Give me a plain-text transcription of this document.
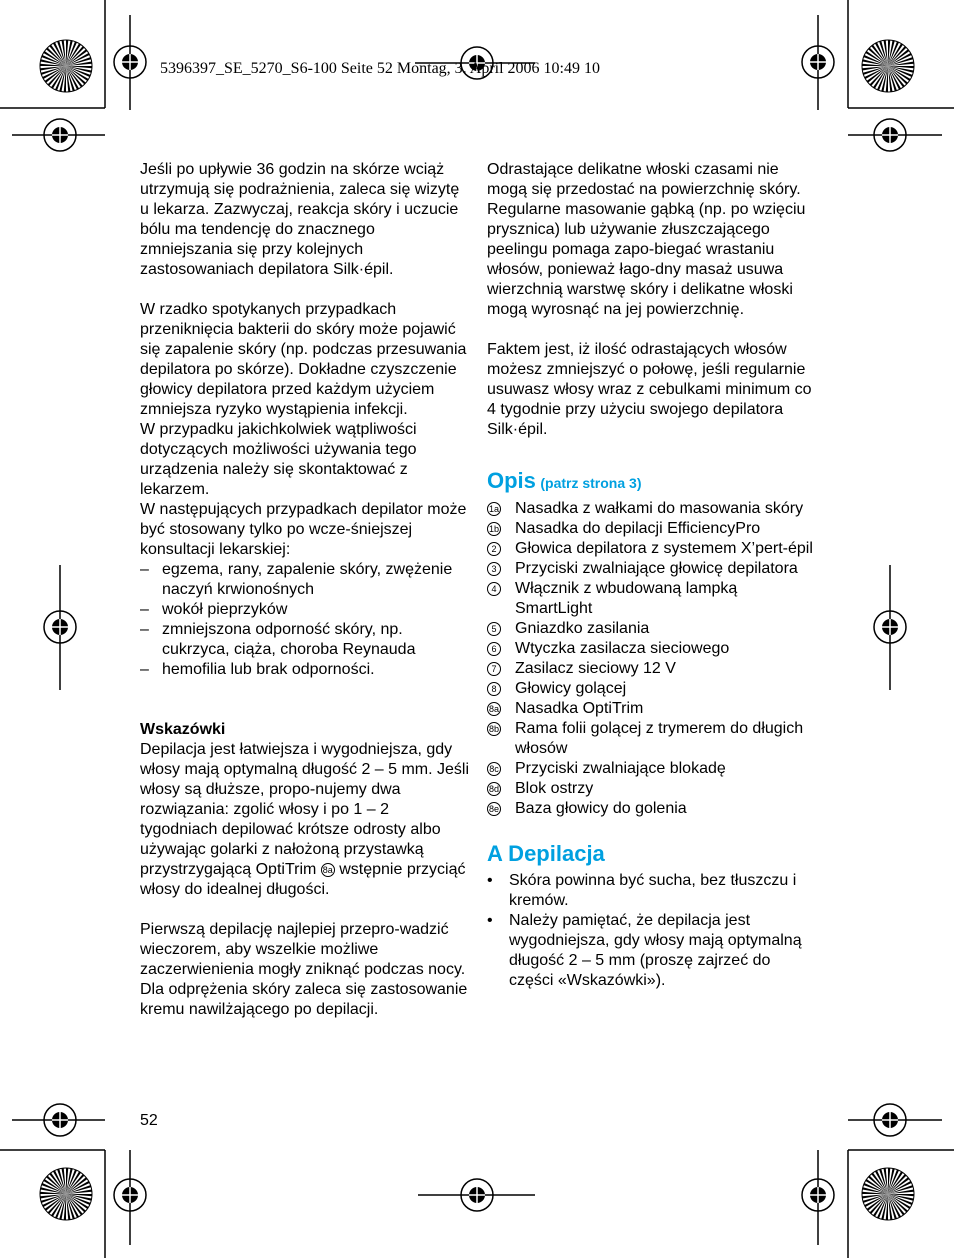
5396397_SE_5270_S6-100 Seite 52 Montag, 3. April 2006 10:49 10

Jeśli po upływie 36 godzin na skórze wciąż utrzymują się podrażnienia, zaleca się wizytę u lekarza. Zazwyczaj, reakcja skóry i uczucie bólu ma tendencję do znacznego zmniejszania się przy kolejnych zastosowaniach depilatora Silk·épil.

W rzadko spotykanych przypadkach przeniknięcia bakterii do skóry może pojawić się zapalenie skóry (np. podczas przesuwania depilatora po skórze). Dokładne czyszczenie głowicy depilatora przed każdym użyciem zmniejsza ryzyko wystąpienia infekcji.

W przypadku jakichkolwiek wątpliwości dotyczących możliwości używania tego urządzenia należy się skontaktować z lekarzem.

W następujących przypadkach depilator może być stosowany tylko po wcze-śniejszej konsultacji lekarskiej:

– egzema, rany, zapalenie skóry, zwężenie naczyń krwionośnych
– wokół pieprzyków
– zmniejszona odporność skóry, np. cukrzyca, ciąża, choroba Reynauda
– hemofilia lub brak odporności.

Wskazówki

Depilacja jest łatwiejsza i wygodniejsza, gdy włosy mają optymalną długość 2 – 5 mm. Jeśli włosy są dłuższe, propo-nujemy dwa rozwiązania: zgolić włosy i po 1 – 2 tygodniach depilować krótsze odrosty albo używając golarki z nałożoną przystawką przystrzygającą OptiTrim 8a wstępnie przyciąć włosy do idealnej długości.

Pierwszą depilację najlepiej przepro-wadzić wieczorem, aby wszelkie możliwe zaczerwienienia mogły zniknąć podczas nocy. Dla odprężenia skóry zaleca się zastosowanie kremu nawilżającego po depilacji.

Odrastające delikatne włoski czasami nie mogą się przedostać na powierzchnię skóry. Regularne masowanie gąbką (np. po wzięciu prysznica) lub używanie złuszczającego peelingu pomaga zapo-biegać wrastaniu włosów, ponieważ łago-dny masaż usuwa wierzchnią warstwę skóry i delikatne włoski mogą wyrosnąć na jej powierzchnię.

Faktem jest, iż ilość odrastających włosów możesz zmniejszyć o połowę, jeśli regularnie usuwasz włosy wraz z cebulkami minimum co 4 tygodnie przy użyciu swojego depilatora Silk·épil.

Opis (patrz strona 3)

1a Nasadka z wałkami do masowania skóry
1b Nasadka do depilacji EfficiencyPro
2 Głowica depilatora z systemem X’pert-épil
3 Przyciski zwalniające głowicę depilatora
4 Włącznik z wbudowaną lampką SmartLight
5 Gniazdko zasilania
6 Wtyczka zasilacza sieciowego
7 Zasilacz sieciowy 12 V
8 Głowicy golącej
8a Nasadka OptiTrim
8b Rama folii golącej z trymerem do długich włosów
8c Przyciski zwalniające blokadę
8d Blok ostrzy
8e Baza głowicy do golenia

A Depilacja

• Skóra powinna być sucha, bez tłuszczu i kremów.
• Należy pamiętać, że depilacja jest wygodniejsza, gdy włosy mają optymalną długość 2 – 5 mm (proszę zajrzeć do części «Wskazówki»).
52
